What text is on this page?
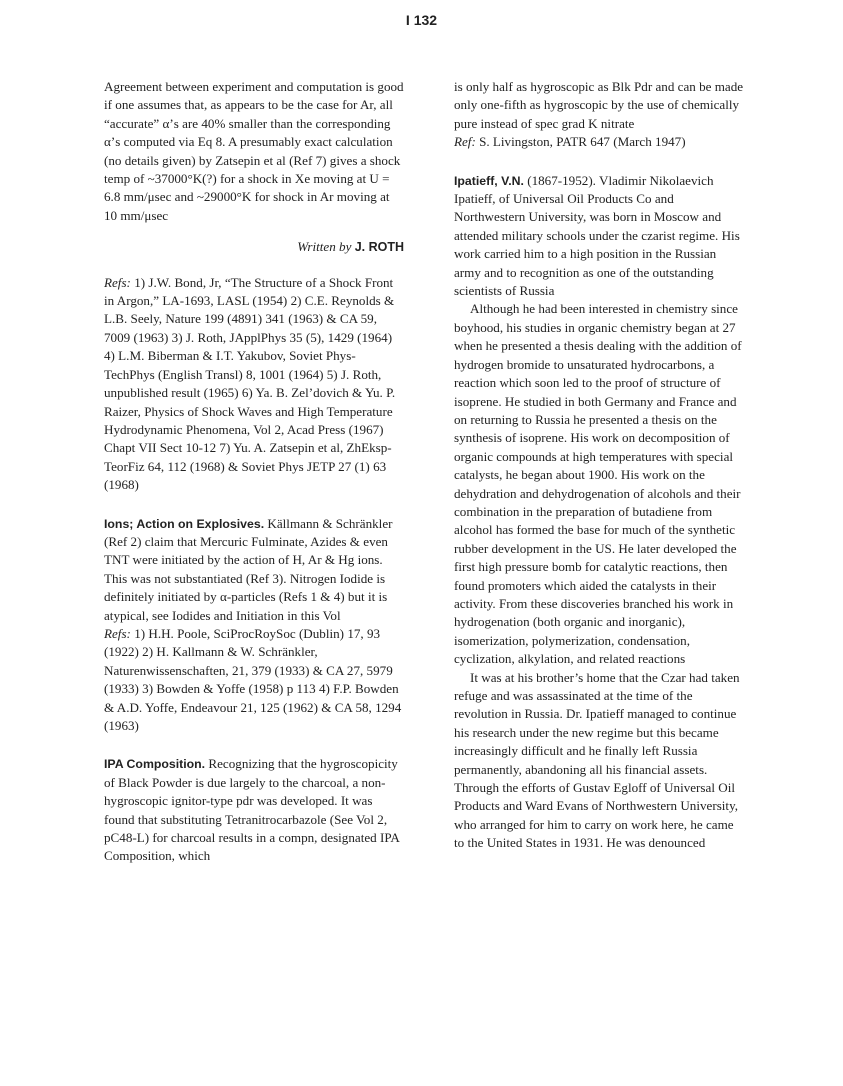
I 132

Agreement between experiment and computation is good if one assumes that, as appears to be the case for Ar, all “accurate” α’s are 40% smaller than the corresponding α’s computed via Eq 8. A presumably exact calculation (no details given) by Zatsepin et al (Ref 7) gives a shock temp of ~37000°K(?) for a shock in Xe moving at U = 6.8 mm/μsec and ~29000°K for shock in Ar moving at 10 mm/μsec

Written by J. ROTH

Refs: 1) J.W. Bond, Jr, “The Structure of a Shock Front in Argon,” LA-1693, LASL (1954) 2) C.E. Reynolds & L.B. Seely, Nature 199 (4891) 341 (1963) & CA 59, 7009 (1963) 3) J. Roth, JApplPhys 35 (5), 1429 (1964) 4) L.M. Biberman & I.T. Yakubov, Soviet Phys-TechPhys (English Transl) 8, 1001 (1964) 5) J. Roth, unpublished result (1965) 6) Ya. B. Zel’dovich & Yu. P. Raizer, Physics of Shock Waves and High Temperature Hydrodynamic Phenomena, Vol 2, Acad Press (1967) Chapt VII Sect 10-12 7) Yu. A. Zatsepin et al, ZhEksp-TeorFiz 64, 112 (1968) & Soviet Phys JETP 27 (1) 63 (1968)

Ions; Action on Explosives. Källmann & Schränkler (Ref 2) claim that Mercuric Fulminate, Azides & even TNT were initiated by the action of H, Ar & Hg ions. This was not substantiated (Ref 3). Nitrogen Iodide is definitely initiated by α-particles (Refs 1 & 4) but it is atypical, see Iodides and Initiation in this Vol

Refs: 1) H.H. Poole, SciProcRoySoc (Dublin) 17, 93 (1922) 2) H. Kallmann & W. Schränkler, Naturenwissenschaften, 21, 379 (1933) & CA 27, 5979 (1933) 3) Bowden & Yoffe (1958) p 113 4) F.P. Bowden & A.D. Yoffe, Endeavour 21, 125 (1962) & CA 58, 1294 (1963)

IPA Composition. Recognizing that the hygroscopicity of Black Powder is due largely to the charcoal, a non-hygroscopic ignitor-type pdr was developed. It was found that substituting Tetranitrocarbazole (See Vol 2, pC48-L) for charcoal results in a compn, designated IPA Composition, which

is only half as hygroscopic as Blk Pdr and can be made only one-fifth as hygroscopic by the use of chemically pure instead of spec grad K nitrate

Ref: S. Livingston, PATR 647 (March 1947)

Ipatieff, V.N. (1867-1952). Vladimir Nikolaevich Ipatieff, of Universal Oil Products Co and Northwestern University, was born in Moscow and attended military schools under the czarist regime. His work carried him to a high position in the Russian army and to recognition as one of the outstanding scientists of Russia

Although he had been interested in chemistry since boyhood, his studies in organic chemistry began at 27 when he presented a thesis dealing with the addition of hydrogen bromide to unsaturated hydrocarbons, a reaction which soon led to the proof of structure of isoprene. He studied in both Germany and France and on returning to Russia he presented a thesis on the synthesis of isoprene. His work on decomposition of organic compounds at high temperatures with special catalysts, he began about 1900. His work on the dehydration and dehydrogenation of alcohols and their combination in the preparation of butadiene from alcohol has formed the base for much of the synthetic rubber development in the US. He later developed the first high pressure bomb for catalytic reactions, then found promoters which aided the catalysts in their activity. From these discoveries branched his work in hydrogenation (both organic and inorganic), isomerization, polymerization, condensation, cyclization, alkylation, and related reactions

It was at his brother’s home that the Czar had taken refuge and was assassinated at the time of the revolution in Russia. Dr. Ipatieff managed to continue his research under the new regime but this became increasingly difficult and he finally left Russia permanently, abandoning all his financial assets. Through the efforts of Gustav Egloff of Universal Oil Products and Ward Evans of Northwestern University, who arranged for him to carry on work here, he came to the United States in 1931. He was denounced
